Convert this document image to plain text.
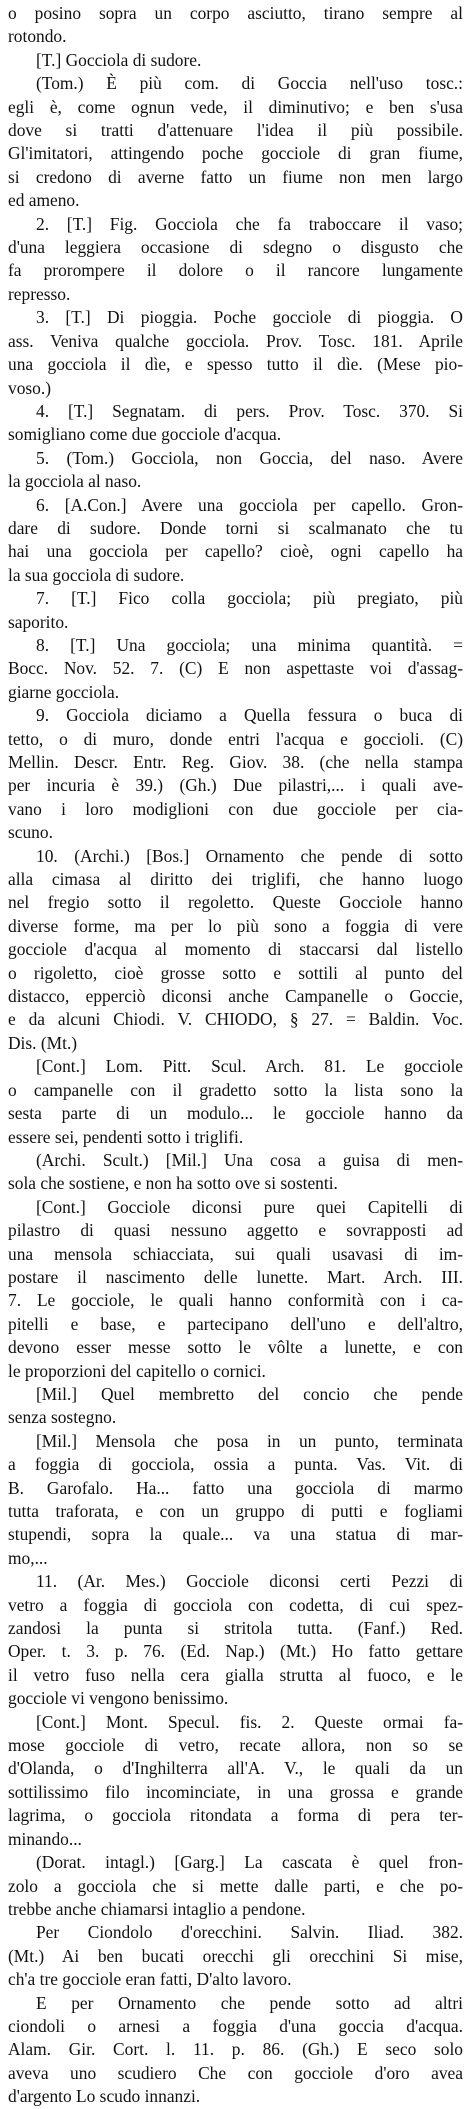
o posino sopra un corpo asciutto, tirano sempre al
rotondo.
[T.] Gocciola di sudore.
(Tom.) È più com. di Goccia nell'uso tosc.:
egli è, come ognun vede, il diminutivo; e ben s'usa
dove si tratti d'attenuare l'idea il più possibile.
Gl'imitatori, attingendo poche gocciole di gran fiume,
si credono di averne fatto un fiume non men largo
ed ameno.
2. [T.] Fig. Gocciola che fa traboccare il vaso;
d'una leggiera occasione di sdegno o disgusto che
fa prorompere il dolore o il rancore lungamente
represso.
3. [T.] Di pioggia. Poche gocciole di pioggia. O
ass. Veniva qualche gocciola. Prov. Tosc. 181. Aprile
una gocciola il dìe, e spesso tutto il dìe. (Mese pio-
voso.)
4. [T.] Segnatam. di pers. Prov. Tosc. 370. Si
somigliano come due gocciole d'acqua.
5. (Tom.) Gocciola, non Goccia, del naso. Avere
la gocciola al naso.
6. [A.Con.] Avere una gocciola per capello. Gron-
dare di sudore. Donde torni si scalmanato che tu
hai una gocciola per capello? cioè, ogni capello ha
la sua gocciola di sudore.
7. [T.] Fico colla gocciola; più pregiato, più
saporito.
8. [T.] Una gocciola; una minima quantità. =
Bocc. Nov. 52. 7. (C) E non aspettaste voi d'assag-
giarne gocciola.
9. Gocciola diciamo a Quella fessura o buca di
tetto, o di muro, donde entri l'acqua e goccioli. (C)
Mellin. Descr. Entr. Reg. Giov. 38. (che nella stampa
per incuria è 39.) (Gh.) Due pilastri,... i quali ave-
vano i loro modiglioni con due gocciole per cia-
scuno.
10. (Archi.) [Bos.] Ornamento che pende di sotto
alla cimasa al diritto dei triglifi, che hanno luogo
nel fregio sotto il regoletto. Queste Gocciole hanno
diverse forme, ma per lo più sono a foggia di vere
gocciole d'acqua al momento di staccarsi dal listello
o rigoletto, cioè grosse sotto e sottili al punto del
distacco, epperciò diconsi anche Campanelle o Goccie,
e da alcuni Chiodi. V. CHIODO, § 27. = Baldin. Voc.
Dis. (Mt.)
[Cont.] Lom. Pitt. Scul. Arch. 81. Le gocciole
o campanelle con il gradetto sotto la lista sono la
sesta parte di un modulo... le gocciole hanno da
essere sei, pendenti sotto i triglifi.
(Archi. Scult.) [Mil.] Una cosa a guisa di men-
sola che sostiene, e non ha sotto ove si sostenti.
[Cont.] Gocciole diconsi pure quei Capitelli di
pilastro di quasi nessuno aggetto e sovrapposti ad
una mensola schiacciata, sui quali usavasi di im-
postare il nascimento delle lunette. Mart. Arch. III.
7. Le gocciole, le quali hanno conformità con i ca-
pitelli e base, e partecipano dell'uno e dell'altro,
devono esser messe sotto le vôlte a lunette, e con
le proporzioni del capitello o cornici.
[Mil.] Quel membretto del concio che pende
senza sostegno.
[Mil.] Mensola che posa in un punto, terminata
a foggia di gocciola, ossia a punta. Vas. Vit. di
B. Garofalo. Ha... fatto una gocciola di marmo
tutta traforata, e con un gruppo di putti e fogliami
stupendi, sopra la quale... va una statua di mar-
mo,...
11. (Ar. Mes.) Gocciole diconsi certi Pezzi di
vetro a foggia di gocciola con codetta, di cui spez-
zandosi la punta si stritola tutta. (Fanf.) Red.
Oper. t. 3. p. 76. (Ed. Nap.) (Mt.) Ho fatto gettare
il vetro fuso nella cera gialla strutta al fuoco, e le
gocciole vi vengono benissimo.
[Cont.] Mont. Specul. fis. 2. Queste ormai fa-
mose gocciole di vetro, recate allora, non so se
d'Olanda, o d'Inghilterra all'A. V., le quali da un
sottilissimo filo incominciate, in una grossa e grande
lagrima, o gocciola ritondata a forma di pera ter-
minando...
(Dorat. intagl.) [Garg.] La cascata è quel fron-
zolo a gocciola che si mette dalle parti, e che po-
trebbe anche chiamarsi intaglio a pendone.
Per Ciondolo d'orecchini. Salvin. Iliad. 382.
(Mt.) Ai ben bucati orecchi gli orecchini Si mise,
ch'a tre gocciole eran fatti, D'alto lavoro.
E per Ornamento che pende sotto ad altri
ciondoli o arnesi a foggia d'una goccia d'acqua.
Alam. Gir. Cort. l. 11. p. 86. (Gh.) E seco solo
aveva uno scudiero Che con gocciole d'oro avea
d'argento Lo scudo innanzi.
